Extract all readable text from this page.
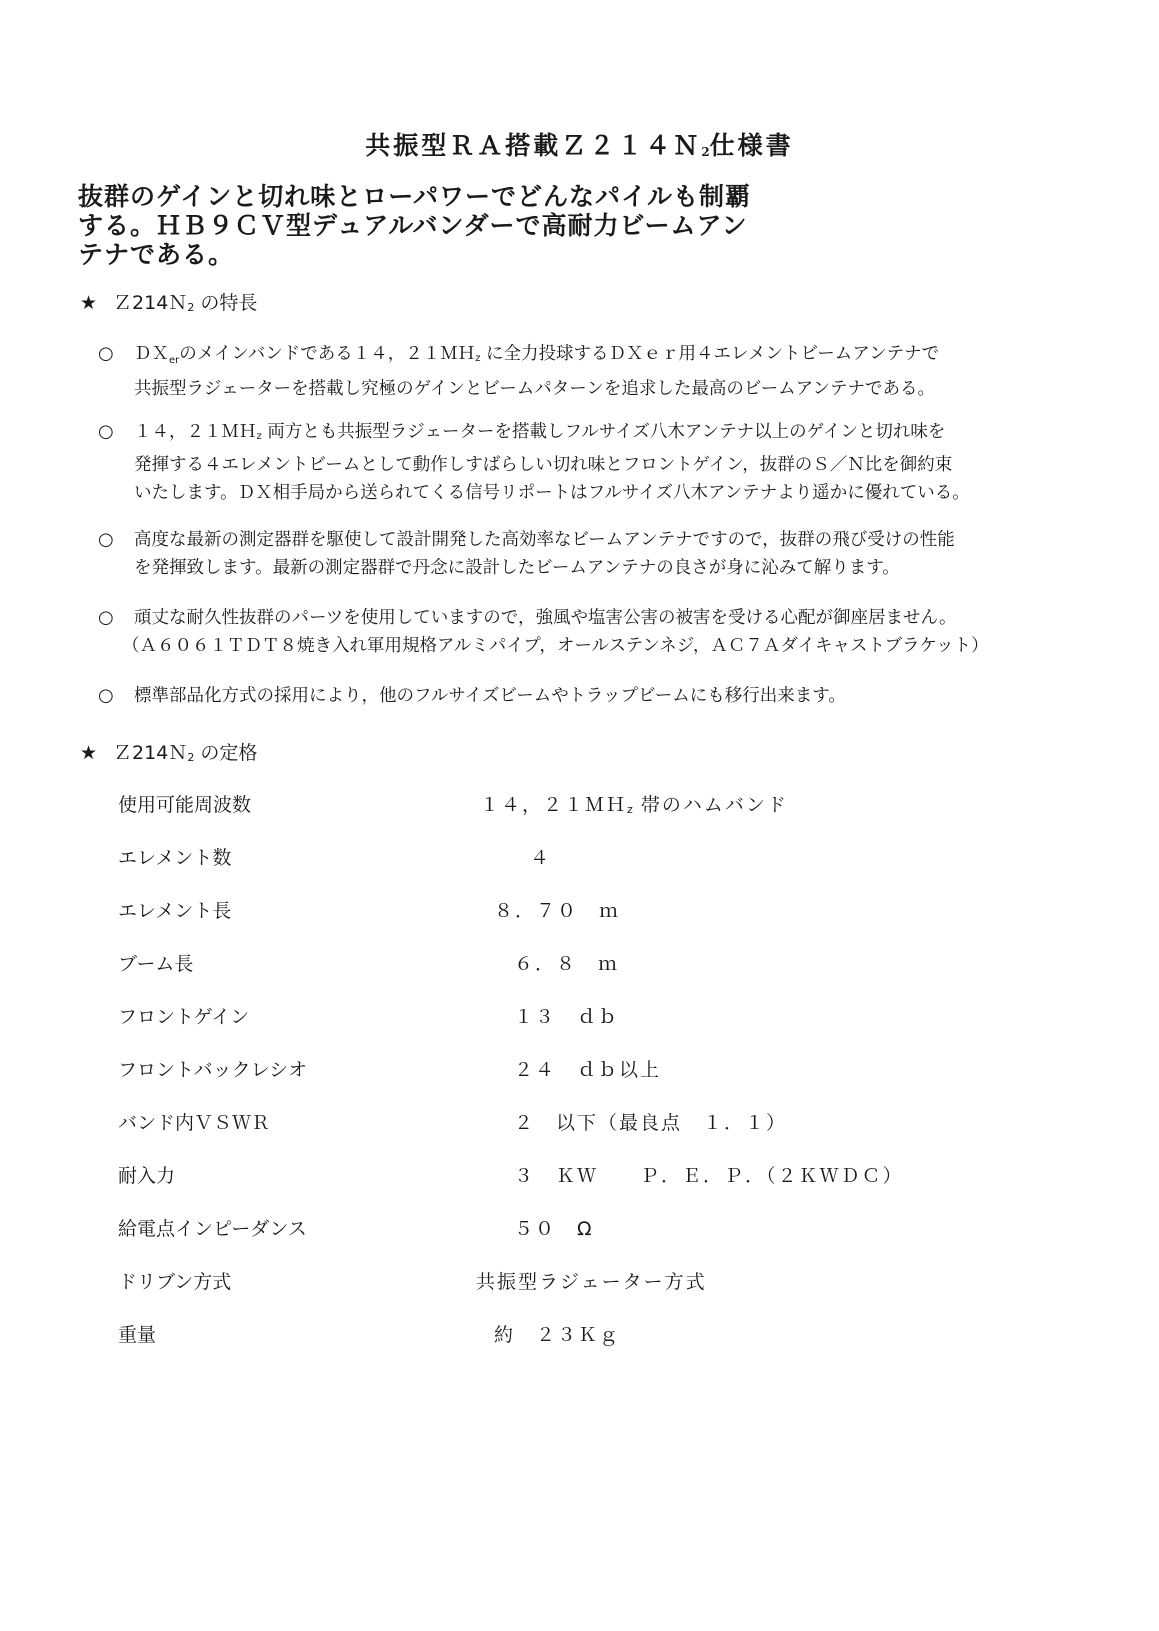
共振型ＲＡ搭載Ｚ２１４Ｎ$_2$仕様書
抜群のゲインと切れ味とローパワーでどんなパイルも制覇
する。ＨＢ９ＣＶ型デュアルバンダーで高耐力ビームアン
テナである。
★ Ｚ214Ｎ$_2$ の特長
○ ＤＸ$^{er}$のメインバンドである１４，２１ＭＨ$_z$ に全力投球するＤＸｅｒ用４エレメントビームアンテナで
共振型ラジェーターを搭載し究極のゲインとビームパターンを追求した最高のビームアンテナである。
○ １４，２１ＭＨ$_z$ 両方とも共振型ラジェーターを搭載しフルサイズ八木アンテナ以上のゲインと切れ味を
発揮する４エレメントビームとして動作しすばらしい切れ味とフロントゲイン，抜群のＳ／Ｎ比を御約束
いたします。ＤＸ相手局から送られてくる信号リポートはフルサイズ八木アンテナより遥かに優れている。
○ 高度な最新の測定器群を駆使して設計開発した高効率なビームアンテナですので，抜群の飛び受けの性能
を発揮致します。最新の測定器群で丹念に設計したビームアンテナの良さが身に沁みて解ります。
○ 頑丈な耐久性抜群のパーツを使用していますので，強風や塩害公害の被害を受ける心配が御座居ません。
（Ａ６０６１ＴＤＴ８焼き入れ軍用規格アルミパイプ，オールステンネジ，ＡＣ７Ａダイキャストブラケット）
○ 標準部品化方式の採用により，他のフルサイズビームやトラップビームにも移行出来ます。
★ Ｚ214Ｎ$_2$ の定格
使用可能周波数	１４，２１ＭＨ$_z$ 帯のハムバンド
エレメント数	４
エレメント長	８．７０　ｍ
ブーム長	６．８　ｍ
フロントゲイン	１３　ｄｂ
フロントバックレシオ	２４　ｄｂ以上
バンド内ＶＳＷＲ	２　以下（最良点　１．１）
耐入力	３　ＫＷ　　Ｐ．Ｅ．Ｐ．（２ＫＷＤＣ）
給電点インピーダンス	５０　Ω
ドリブン方式	共振型ラジェーター方式
重量	約　２３Ｋｇ
